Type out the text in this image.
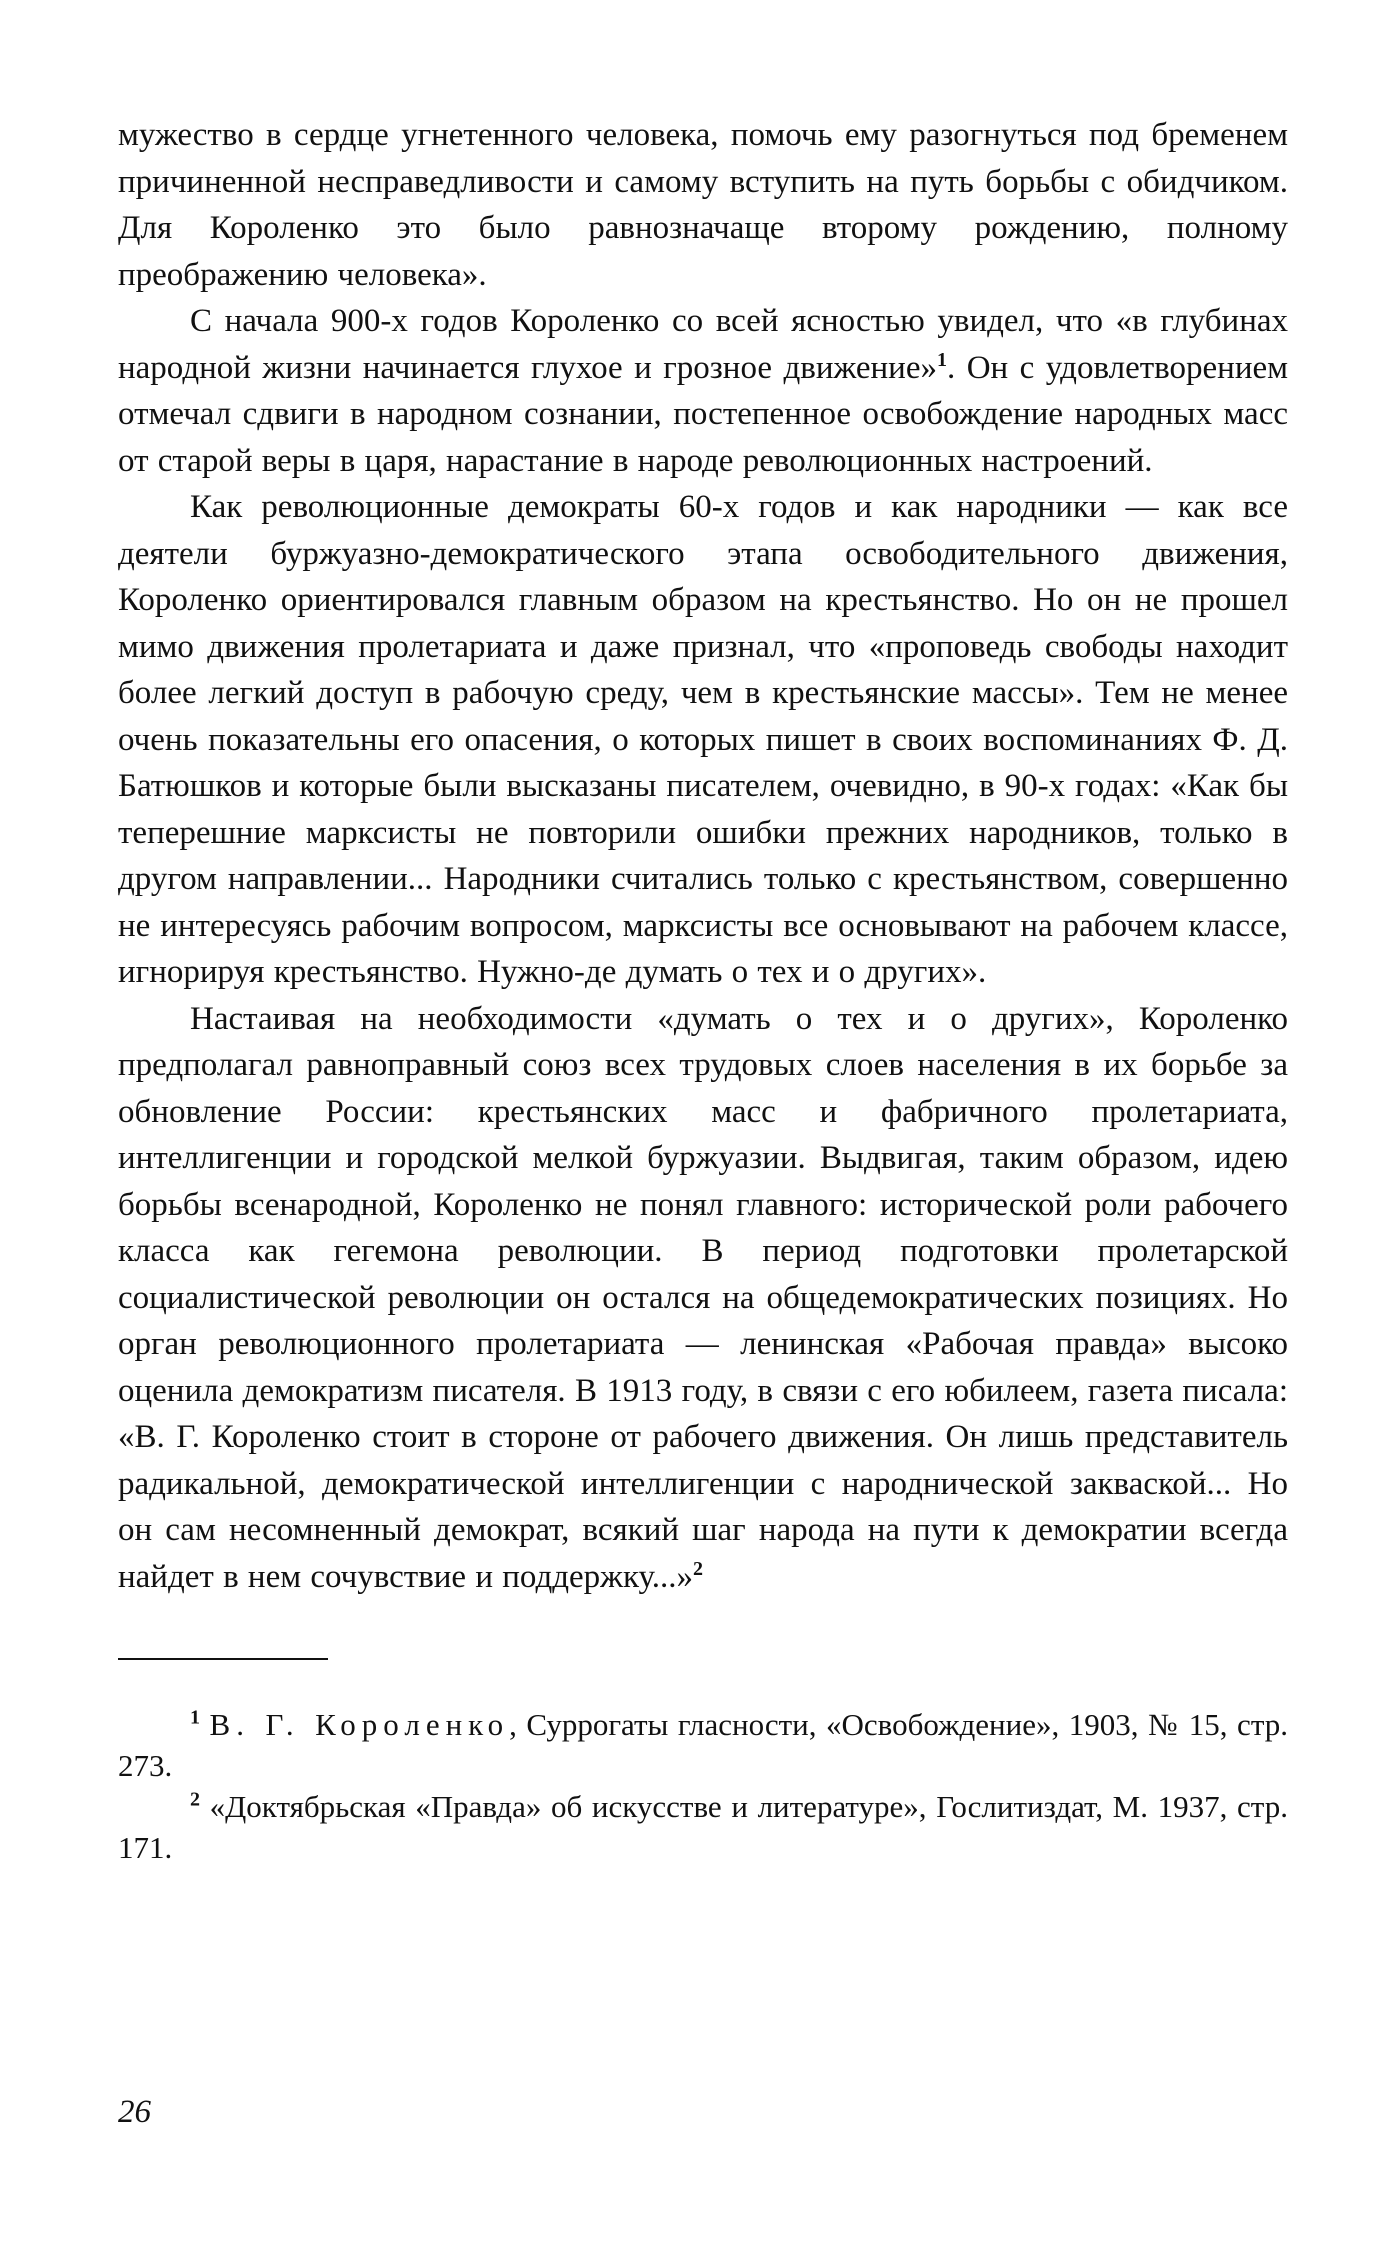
мужество в сердце угнетенного человека, помочь ему разогнуться под бременем причиненной несправедливости и самому вступить на путь борьбы с обидчиком. Для Короленко это было равнозначаще второму рождению, полному преображению человека».

С начала 900-х годов Короленко со всей ясностью увидел, что «в глубинах народной жизни начинается глухое и грозное движение»$^1$. Он с удовлетворением отмечал сдвиги в народном сознании, постепенное освобождение народных масс от старой веры в царя, нарастание в народе революционных настроений.

Как революционные демократы 60-х годов и как народники — как все деятели буржуазно-демократического этапа освободительного движения, Короленко ориентировался главным образом на крестьянство. Но он не прошел мимо движения пролетариата и даже признал, что «проповедь свободы находит более легкий доступ в рабочую среду, чем в крестьянские массы». Тем не менее очень показательны его опасения, о которых пишет в своих воспоминаниях Ф. Д. Батюшков и которые были высказаны писателем, очевидно, в 90-х годах: «Как бы теперешние марксисты не повторили ошибки прежних народников, только в другом направлении... Народники считались только с крестьянством, совершенно не интересуясь рабочим вопросом, марксисты все основывают на рабочем классе, игнорируя крестьянство. Нужно-де думать о тех и о других».

Настаивая на необходимости «думать о тех и о других», Короленко предполагал равноправный союз всех трудовых слоев населения в их борьбе за обновление России: крестьянских масс и фабричного пролетариата, интеллигенции и городской мелкой буржуазии. Выдвигая, таким образом, идею борьбы всенародной, Короленко не понял главного: исторической роли рабочего класса как гегемона революции. В период подготовки пролетарской социалистической революции он остался на общедемократических позициях. Но орган революционного пролетариата — ленинская «Рабочая правда» высоко оценила демократизм писателя. В 1913 году, в связи с его юбилеем, газета писала: «В. Г. Короленко стоит в стороне от рабочего движения. Он лишь представитель радикальной, демократической интеллигенции с народнической закваской... Но он сам несомненный демократ, всякий шаг народа на пути к демократии всегда найдет в нем сочувствие и поддержку...»$^2$

$^1$ В. Г. Короленко, Суррогаты гласности, «Освобождение», 1903, № 15, стр. 273.

$^2$ «Доктябрьская «Правда» об искусстве и литературе», Гослитиздат, М. 1937, стр. 171.

26
